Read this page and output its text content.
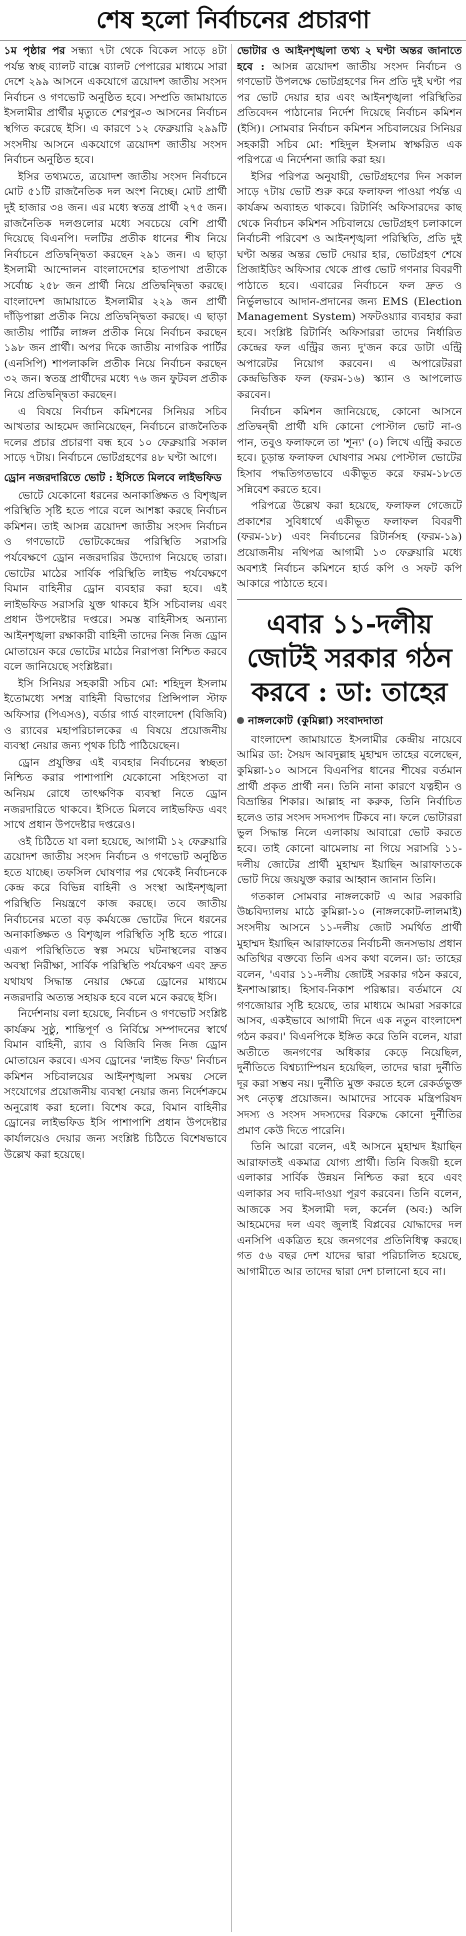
শেষ হলো নির্বাচনের প্রচারণা

১ম পৃষ্ঠার পর সন্ধ্যা ৭টা থেকে বিকেল সাড়ে ৪টা পর্যন্ত স্বচ্ছ ব্যালট বাক্সে ব্যালট পেপারের মাধ্যমে সারা দেশে ২৯৯ আসনে একযোগে ত্রয়োদশ জাতীয় সংসদ নির্বাচন ও গণভোট অনুষ্ঠিত হবে। সম্প্রতি জামায়াতে ইসলামীর প্রার্থীর মৃত্যুতে শেরপুর-৩ আসনের নির্বাচন স্থগিত করেছে ইসি। এ কারণে ১২ ফেব্রুয়ারি ২৯৯টি সংসদীয় আসনে একযোগে ত্রয়োদশ জাতীয় সংসদ নির্বাচন অনুষ্ঠিত হবে।

ইসির তথ্যমতে, ত্রয়োদশ জাতীয় সংসদ নির্বাচনে মোট ৫১টি রাজনৈতিক দল অংশ নিচ্ছে। মোট প্রার্থী দুই হাজার ৩৪ জন। এর মধ্যে স্বতন্ত্র প্রার্থী ২৭৫ জন। রাজনৈতিক দলগুলোর মধ্যে সবচেয়ে বেশি প্রার্থী দিয়েছে বিএনপি। দলটির প্রতীক ধানের শীষ নিয়ে নির্বাচনে প্রতিদ্বন্দ্বিতা করছেন ২৯১ জন। এ ছাড়া ইসলামী আন্দোলন বাংলাদেশের হাতপাখা প্রতীকে সর্বোচ্চ ২৫৮ জন প্রার্থী নিয়ে প্রতিদ্বন্দ্বিতা করছে। বাংলাদেশ জামায়াতে ইসলামীর ২২৯ জন প্রার্থী দাঁড়িপাল্লা প্রতীক নিয়ে প্রতিদ্বন্দ্বিতা করছে। এ ছাড়া জাতীয় পার্টির লাঙ্গল প্রতীক নিয়ে নির্বাচন করছেন ১৯৮ জন প্রার্থী। অপর দিকে জাতীয় নাগরিক পার্টির (এনসিপি) শাপলাকলি প্রতীক নিয়ে নির্বাচন করছেন ৩২ জন। স্বতন্ত্র প্রার্থীদের মধ্যে ৭৬ জন ফুটবল প্রতীক নিয়ে প্রতিদ্বন্দ্বিতা করছেন।

এ বিষয়ে নির্বাচন কমিশনের সিনিয়র সচিব আখতার আহমেদ জানিয়েছেন, নির্বাচনে রাজনৈতিক দলের প্রচার প্রচারণা বন্ধ হবে ১০ ফেব্রুয়ারি সকাল সাড়ে ৭টায়। নির্বাচনে ভোটগ্রহণের ৪৮ ঘণ্টা আগে।

ড্রোন নজরদারিতে ভোট : ইসিতে মিলবে লাইভফিড

ভোটে যেকোনো ধরনের অনাকাঙ্ক্ষিত ও বিশৃঙ্খল পরিস্থিতি সৃষ্টি হতে পারে বলে আশঙ্কা করছে নির্বাচন কমিশন। তাই আসন্ন ত্রয়োদশ জাতীয় সংসদ নির্বাচন ও গণভোটে ভোটকেন্দ্রের পরিস্থিতি সরাসরি পর্যবেক্ষণে ড্রোন নজরদারির উদ্যোগ নিয়েছে তারা। ভোটের মাঠের সার্বিক পরিস্থিতি লাইভ পর্যবেক্ষণে বিমান বাহিনীর ড্রোন ব্যবহার করা হবে। এই লাইভফিড সরাসরি যুক্ত থাকবে ইসি সচিবালয় এবং প্রধান উপদেষ্টার দপ্তরে। সমস্ত বাহিনীসহ অন্যান্য আইনশৃঙ্খলা রক্ষাকারী বাহিনী তাদের নিজ নিজ ড্রোন মোতায়েন করে ভোটের মাঠের নিরাপত্তা নিশ্চিত করবে বলে জানিয়েছে সংশ্লিষ্টরা।

ইসি সিনিয়র সহকারী সচিব মো: শহিদুল ইসলাম ইতোমধ্যে সশস্ত্র বাহিনী বিভাগের প্রিন্সিপাল স্টাফ অফিসার (পিএসও), বর্ডার গার্ড বাংলাদেশ (বিজিবি) ও র‍্যাবের মহাপরিচালকের এ বিষয়ে প্রয়োজনীয় ব্যবস্থা নেয়ার জন্য পৃথক চিঠি পাঠিয়েছেন।

ড্রোন প্রযুক্তির এই ব্যবহার নির্বাচনের স্বচ্ছতা নিশ্চিত করার পাশাপাশি যেকোনো সহিংসতা বা অনিয়ম রোধে তাৎক্ষণিক ব্যবস্থা নিতে ড্রোন নজরদারিতে থাকবে। ইসিতে মিলবে লাইভফিড এবং সাথে প্রধান উপদেষ্টার দপ্তরেও।

ওই চিঠিতে যা বলা হয়েছে, আগামী ১২ ফেব্রুয়ারি ত্রয়োদশ জাতীয় সংসদ নির্বাচন ও গণভোট অনুষ্ঠিত হতে যাচ্ছে। তফসিল ঘোষণার পর থেকেই নির্বাচনকে কেন্দ্র করে বিভিন্ন বাহিনী ও সংস্থা আইনশৃঙ্খলা পরিস্থিতি নিয়ন্ত্রণে কাজ করছে। তবে জাতীয় নির্বাচনের মতো বড় কর্মযজ্ঞে ভোটের দিনে ধরনের অনাকাঙ্ক্ষিত ও বিশৃঙ্খল পরিস্থিতি সৃষ্টি হতে পারে। এরূপ পরিস্থিতিতে স্বল্প সময়ে ঘটনাস্থলের বাস্তব অবস্থা নিরীক্ষা, সার্বিক পরিস্থিতি পর্যবেক্ষণ এবং দ্রুত যথাযথ সিদ্ধান্ত নেয়ার ক্ষেত্রে ড্রোনের মাধ্যমে নজরদারি অত্যন্ত সহায়ক হবে বলে মনে করছে ইসি।

নির্দেশনায় বলা হয়েছে, নির্বাচন ও গণভোট সংশ্লিষ্ট কার্যক্রম সুষ্ঠু, শান্তিপূর্ণ ও নির্বিঘ্নে সম্পাদনের স্বার্থে বিমান বাহিনী, র‍্যাব ও বিজিবি নিজ নিজ ড্রোন মোতায়েন করবে। এসব ড্রোনের 'লাইভ ফিড' নির্বাচন কমিশন সচিবালয়ের আইনশৃঙ্খলা সমন্বয় সেলে সংযোগের প্রয়োজনীয় ব্যবস্থা নেয়ার জন্য নির্দেশক্রমে অনুরোধ করা হলো। বিশেষ করে, বিমান বাহিনীর ড্রোনের লাইভফিড ইসি পাশাপাশি প্রধান উপদেষ্টার কার্যালয়েও দেয়ার জন্য সংশ্লিষ্ট চিঠিতে বিশেষভাবে উল্লেখ করা হয়েছে।

ভোটার ও আইনশৃঙ্খলা তথ্য ২ ঘণ্টা অন্তর জানাতে হবে : আসন্ন ত্রয়োদশ জাতীয় সংসদ নির্বাচন ও গণভোট উপলক্ষে ভোটগ্রহণের দিন প্রতি দুই ঘণ্টা পর পর ভোট দেয়ার হার এবং আইনশৃঙ্খলা পরিস্থিতির প্রতিবেদন পাঠানোর নির্দেশ দিয়েছে নির্বাচন কমিশন (ইসি)। সোমবার নির্বাচন কমিশন সচিবালয়ের সিনিয়র সহকারী সচিব মো: শহিদুল ইসলাম স্বাক্ষরিত এক পরিপত্রে এ নির্দেশনা জারি করা হয়।

ইসির পরিপত্র অনুযায়ী, ভোটগ্রহণের দিন সকাল সাড়ে ৭টায় ভোট শুরু করে ফলাফল পাওয়া পর্যন্ত এ কার্যক্রম অব্যাহত থাকবে। রিটার্নিং অফিসারদের কাছ থেকে নির্বাচন কমিশন সচিবালয়ে ভোটগ্রহণ চলাকালে নির্বাচনী পরিবেশ ও আইনশৃঙ্খলা পরিস্থিতি, প্রতি দুই ঘণ্টা অন্তর অন্তর ভোট দেয়ার হার, ভোটগ্রহণ শেষে প্রিজাইডিং অফিসার থেকে প্রাপ্ত ভোট গণনার বিবরণী পাঠাতে হবে। এবারের নির্বাচনে ফল দ্রুত ও নির্ভুলভাবে আদান-প্রদানের জন্য EMS (Election Management System) সফটওয়্যার ব্যবহার করা হবে। সংশ্লিষ্ট রিটার্নিং অফিসাররা তাদের নির্ধারিত কেন্দ্রের ফল এন্ট্রির জন্য দু'জন করে ডাটা এন্ট্রি অপারেটর নিয়োগ করবেন। এ অপারেটররা কেন্দ্রভিত্তিক ফল (ফরম-১৬) স্ক্যান ও আপলোড করবেন।

নির্বাচন কমিশন জানিয়েছে, কোনো আসনে প্রতিদ্বন্দ্বী প্রার্থী যদি কোনো পোস্টাল ভোট না-ও পান, তবুও ফলাফলে তা 'শূন্য' (০) লিখে এন্ট্রি করতে হবে। চূড়ান্ত ফলাফল ঘোষণার সময় পোস্টাল ভোটের হিসাব পদ্ধতিগতভাবে একীভূত করে ফরম-১৮তে সন্নিবেশ করতে হবে।

পরিপত্রে উল্লেখ করা হয়েছে, ফলাফল গেজেটে প্রকাশের সুবিধার্থে একীভূত ফলাফল বিবরণী (ফরম-১৮) এবং নির্বাচনের রিটার্নসহ (ফরম-১৯) প্রয়োজনীয় নথিপত্র আগামী ১৩ ফেব্রুয়ারি মধ্যে অবশ্যই নির্বাচন কমিশনে হার্ড কপি ও সফট কপি আকারে পাঠাতে হবে।

এবার ১১-দলীয় জোটই সরকার গঠন করবে : ডা: তাহের
নাঙ্গলকোট (কুমিল্লা) সংবাদদাতা

বাংলাদেশ জামায়াতে ইসলামীর কেন্দ্রীয় নায়েবে আমির ডা: সৈয়দ আবদুল্লাহ মুহাম্মদ তাহের বলেছেন, কুমিল্লা-১০ আসনে বিএনপির ধানের শীষের বর্তমান প্রার্থী প্রকৃত প্রার্থী নন। তিনি নানা কারণে যত্নহীন ও বিভ্রান্তির শিকার। আল্লাহ না করুক, তিনি নির্বাচিত হলেও তার সংসদ সদস্যপদ টিকবে না। ফলে ভোটাররা ভুল সিদ্ধান্ত নিলে এলাকায় আবারো ভোট করতে হবে। তাই কোনো ঝামেলায় না গিয়ে সরাসরি ১১-দলীয় জোটের প্রার্থী মুহাম্মদ ইয়াছিন আরাফাতকে ভোট দিয়ে জয়যুক্ত করার আহ্বান জানান তিনি।

গতকাল সোমবার নাঙ্গলকোট এ আর সরকারি উচ্চবিদ্যালয় মাঠে কুমিল্লা-১০ (নাঙ্গলকোট-লালমাই) সংসদীয় আসনে ১১-দলীয় জোট সমর্থিত প্রার্থী মুহাম্মদ ইয়াছিন আরাফাতের নির্বাচনী জনসভায় প্রধান অতিথির বক্তব্যে তিনি এসব কথা বলেন। ডা: তাহের বলেন, 'এবার ১১-দলীয় জোটই সরকার গঠন করবে, ইনশাআল্লাহ। হিসাব-নিকাশ পরিষ্কার। বর্তমানে যে গণজোয়ার সৃষ্টি হয়েছে, তার মাধ্যমে আমরা সরকারে আসব, একইভাবে আগামী দিনে এক নতুন বাংলাদেশ গঠন করব।' বিএনপিকে ইঙ্গিত করে তিনি বলেন, যারা অতীতে জনগণের অধিকার কেড়ে নিয়েছিল, দুর্নীতিতে বিশ্বচ্যাম্পিয়ন হয়েছিল, তাদের দ্বারা দুর্নীতি দূর করা সম্ভব নয়। দুর্নীতি মুক্ত করতে হলে রেকর্ডভুক্ত সৎ নেতৃত্ব প্রয়োজন। আমাদের সাবেক মন্ত্রিপরিষদ সদস্য ও সংসদ সদস্যদের বিরুদ্ধে কোনো দুর্নীতির প্রমাণ কেউ দিতে পারেনি।

তিনি আরো বলেন, এই আসনে মুহাম্মদ ইয়াছিন আরাফাতই একমাত্র যোগ্য প্রার্থী। তিনি বিজয়ী হলে এলাকার সার্বিক উন্নয়ন নিশ্চিত করা হবে এবং এলাকার সব দাবি-দাওয়া পূরণ করবেন। তিনি বলেন, আজকে সব ইসলামী দল, কর্নেল (অব:) অলি আহমেদের দল এবং জুলাই বিপ্লবের যোদ্ধাদের দল এনসিপি একত্রিত হয়ে জনগণের প্রতিনিধিত্ব করছে। গত ৫৬ বছর দেশ যাদের দ্বারা পরিচালিত হয়েছে, আগামীতে আর তাদের দ্বারা দেশ চালানো হবে না।
